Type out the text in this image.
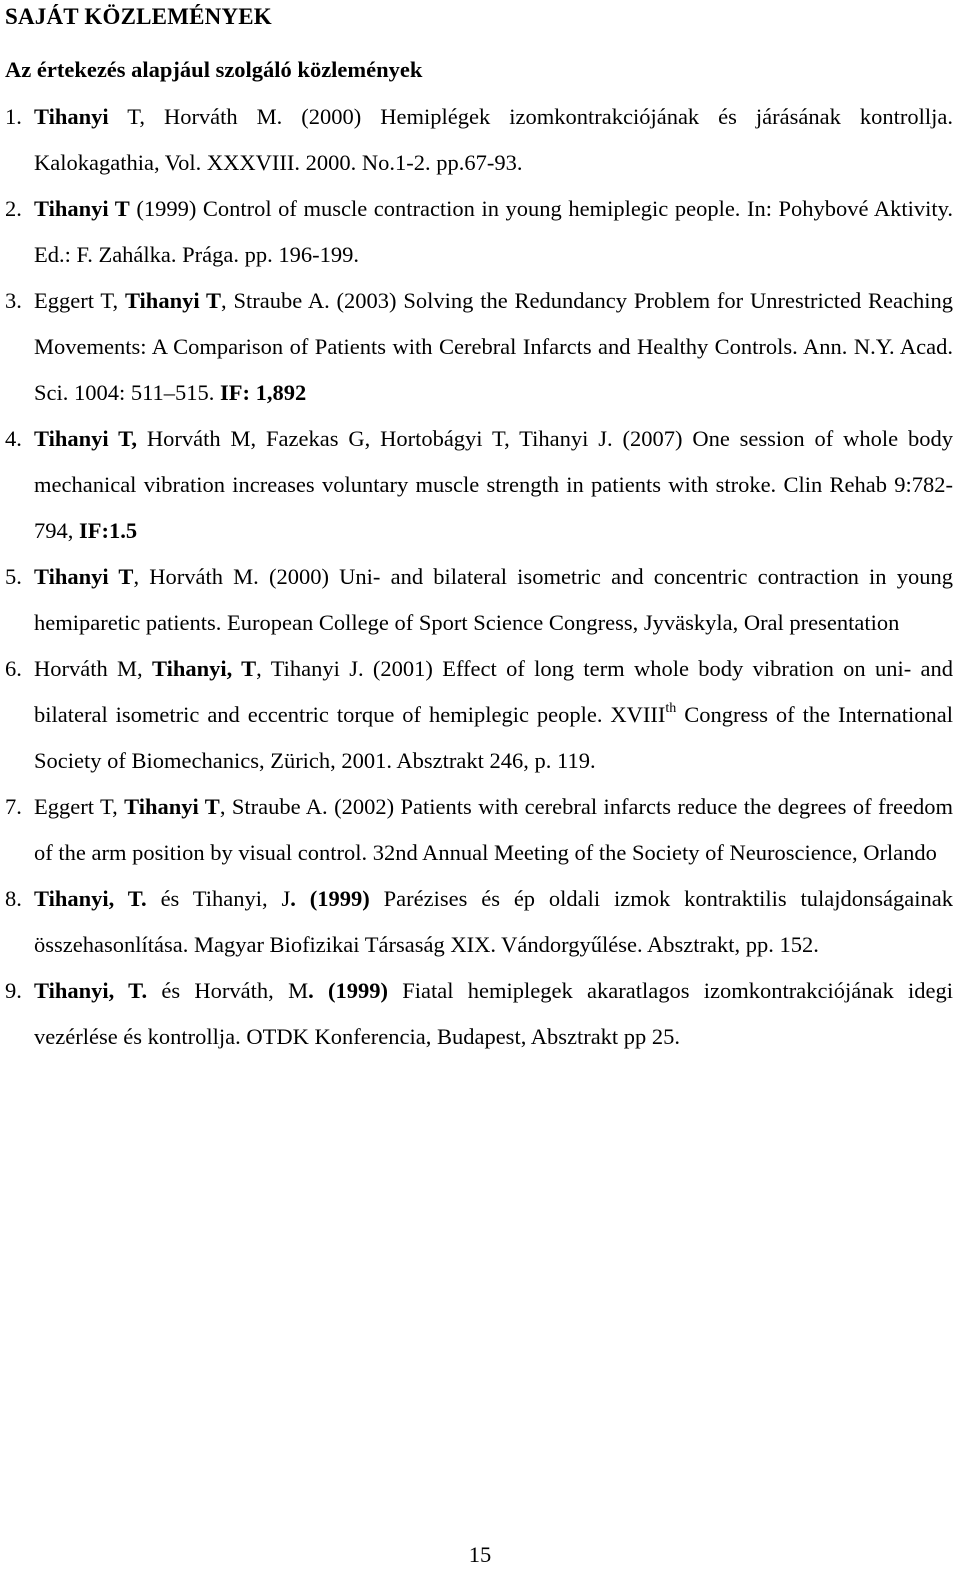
SAJÁT KÖZLEMÉNYEK
Az értekezés alapjául szolgáló közlemények
1. Tihanyi T, Horváth M. (2000) Hemiplégek izomkontrakciójának és járásának kontrollja. Kalokagathia, Vol. XXXVIII. 2000. No.1-2. pp.67-93.
2. Tihanyi T (1999) Control of muscle contraction in young hemiplegic people. In: Pohybové Aktivity. Ed.: F. Zahálka. Prága. pp. 196-199.
3. Eggert T, Tihanyi T, Straube A. (2003) Solving the Redundancy Problem for Unrestricted Reaching Movements: A Comparison of Patients with Cerebral Infarcts and Healthy Controls. Ann. N.Y. Acad. Sci. 1004: 511–515. IF: 1,892
4. Tihanyi T, Horváth M, Fazekas G, Hortobágyi T, Tihanyi J. (2007) One session of whole body mechanical vibration increases voluntary muscle strength in patients with stroke. Clin Rehab 9:782-794, IF:1.5
5. Tihanyi T, Horváth M. (2000) Uni- and bilateral isometric and concentric contraction in young hemiparetic patients. European College of Sport Science Congress, Jyväskyla, Oral presentation
6. Horváth M, Tihanyi, T, Tihanyi J. (2001) Effect of long term whole body vibration on uni- and bilateral isometric and eccentric torque of hemiplegic people. XVIIIth Congress of the International Society of Biomechanics, Zürich, 2001. Absztrakt 246, p. 119.
7. Eggert T, Tihanyi T, Straube A. (2002) Patients with cerebral infarcts reduce the degrees of freedom of the arm position by visual control. 32nd Annual Meeting of the Society of Neuroscience, Orlando
8. Tihanyi, T. és Tihanyi, J. (1999) Parézises és ép oldali izmok kontraktilis tulajdonságainak összehasonlítása. Magyar Biofizikai Társaság XIX. Vándorgyűlése. Absztrakt, pp. 152.
9. Tihanyi, T. és Horváth, M. (1999) Fiatal hemiplegek akaratlagos izomkontrakciójának idegi vezérlése és kontrollja. OTDK Konferencia, Budapest, Absztrakt pp 25.
15
